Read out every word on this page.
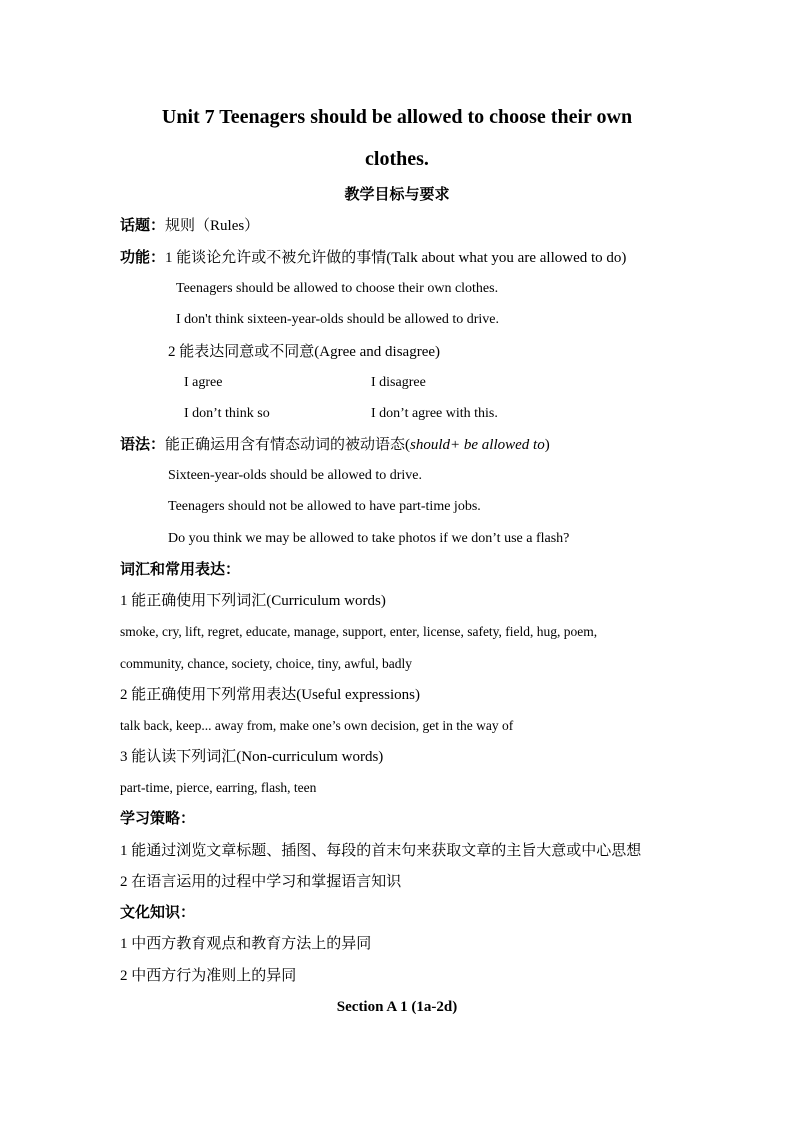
Unit 7 Teenagers should be allowed to choose their own
clothes.
教学目标与要求
话题：规则（Rules）
功能：1 能谈论允许或不被允许做的事情(Talk about what you are allowed to do)
Teenagers should be allowed to choose their own clothes.
I don't think sixteen-year-olds should be allowed to drive.
2 能表达同意或不同意(Agree and disagree)
I agree	I disagree
I don’t think so	I don’t agree with this.
语法：能正确运用含有情态动词的被动语态(should+ be allowed to)
Sixteen-year-olds should be allowed to drive.
Teenagers should not be allowed to have part-time jobs.
Do you think we may be allowed to take photos if we don’t use a flash?
词汇和常用表达：
1 能正确使用下列词汇(Curriculum words)
smoke, cry, lift, regret, educate, manage, support, enter, license, safety, field, hug, poem,
community, chance, society, choice, tiny, awful, badly
2 能正确使用下列常用表达(Useful expressions)
talk back, keep... away from, make one’s own decision, get in the way of
3 能认读下列词汇(Non-curriculum words)
part-time, pierce, earring, flash, teen
学习策略：
1 能通过浏览文章标题、插图、每段的首末句来获取文章的主旨大意或中心思想
2 在语言运用的过程中学习和掌握语言知识
文化知识：
1 中西方教育观点和教育方法上的异同
2 中西方行为准则上的异同
Section A 1 (1a-2d)
